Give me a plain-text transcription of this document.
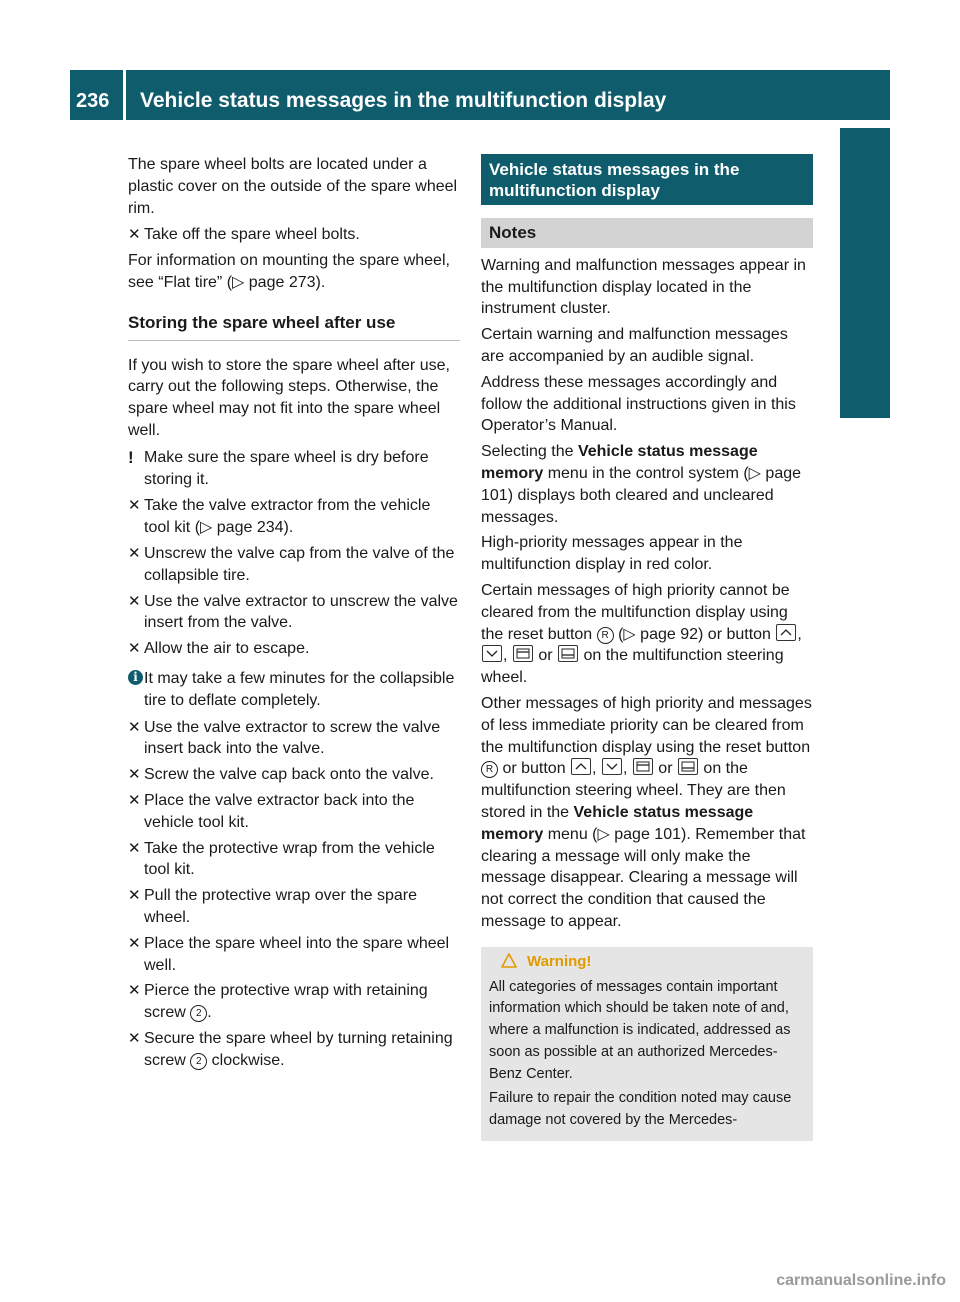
236 Vehicle status messages in the multifunction display
Practical hints

The spare wheel bolts are located under a plastic cover on the outside of the spare wheel rim.

✕ Take off the spare wheel bolts.

For information on mounting the spare wheel, see “Flat tire” (▷ page 273).

Storing the spare wheel after use

If you wish to store the spare wheel after use, carry out the following steps. Otherwise, the spare wheel may not fit into the spare wheel well.

! Make sure the spare wheel is dry before storing it.
✕ Take the valve extractor from the vehicle tool kit (▷ page 234).
✕ Unscrew the valve cap from the valve of the collapsible tire.
✕ Use the valve extractor to unscrew the valve insert from the valve.
✕ Allow the air to escape.
i It may take a few minutes for the collapsible tire to deflate completely.
✕ Use the valve extractor to screw the valve insert back into the valve.
✕ Screw the valve cap back onto the valve.
✕ Place the valve extractor back into the vehicle tool kit.
✕ Take the protective wrap from the vehicle tool kit.
✕ Pull the protective wrap over the spare wheel.
✕ Place the spare wheel into the spare wheel well.
✕ Pierce the protective wrap with retaining screw 2 .
✕ Secure the spare wheel by turning retaining screw 2 clockwise.
Vehicle status messages in the multifunction display
Notes

Warning and malfunction messages appear in the multifunction display located in the instrument cluster.

Certain warning and malfunction messages are accompanied by an audible signal.

Address these messages accordingly and follow the additional instructions given in this Operator’s Manual.

Selecting the Vehicle status message memory menu in the control system (▷ page 101) displays both cleared and uncleared messages.

High-priority messages appear in the multifunction display in red color.

Certain messages of high priority cannot be cleared from the multifunction display using the reset button R (▷ page 92) or button
,
,
or
on the multifunction steering wheel.

Other messages of high priority and messages of less immediate priority can be cleared from the multifunction display using the reset button R or button
, ,
or
on the multifunction steering wheel. They are then stored in the Vehicle status message memory menu (▷ page 101). Remember that clearing a message will only make the message disappear. Clearing a message will not correct the condition that caused the message to appear.

Warning!

All categories of messages contain important information which should be taken note of and, where a malfunction is indicated, addressed as soon as possible at an authorized Mercedes-Benz Center.

Failure to repair the condition noted may cause damage not covered by the Mercedes-

carmanualsonline.info
